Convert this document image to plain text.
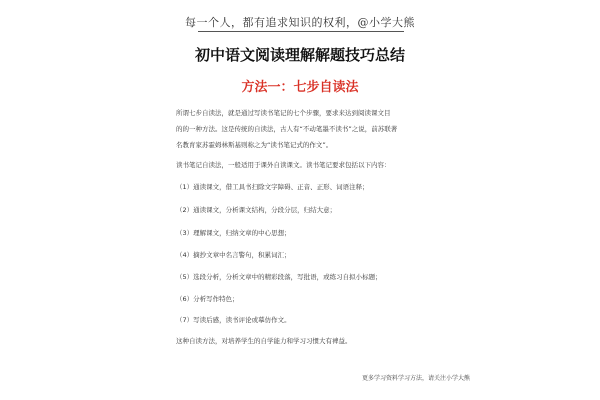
每一个人，都有追求知识的权利，@小学大熊
初中语文阅读理解解题技巧总结
方法一：七步自读法
所谓七步自读法，就是通过写读书笔记的七个步骤，要求来达到阅读课文目
的的一种方法。这是传统的自读法，古人有“不动笔墨不读书”之说，前苏联著
名教育家苏霍姆林斯基则称之为“读书笔记式的作文”。
读书笔记自读法，一般适用于课外自读课文。读书笔记要求包括以下内容：
（1）通读课文，借工具书扫除文字障碍、正音、正形、词语注释；
（2）通读课文，分析课文结构，分段分层，归结大意；
（3）理解课文，归纳文章的中心思想；
（4）摘抄文章中名言警句，积累词汇；
（5）选段分析，分析文章中的精彩段落，写批语，或练习自拟小标题；
（6）分析写作特色；
（7）写读后感，读书评论或摹仿作文。
这种自读方法，对培养学生的自学能力和学习习惯大有裨益。
更多学习资料学习方法，请关注小学大熊
